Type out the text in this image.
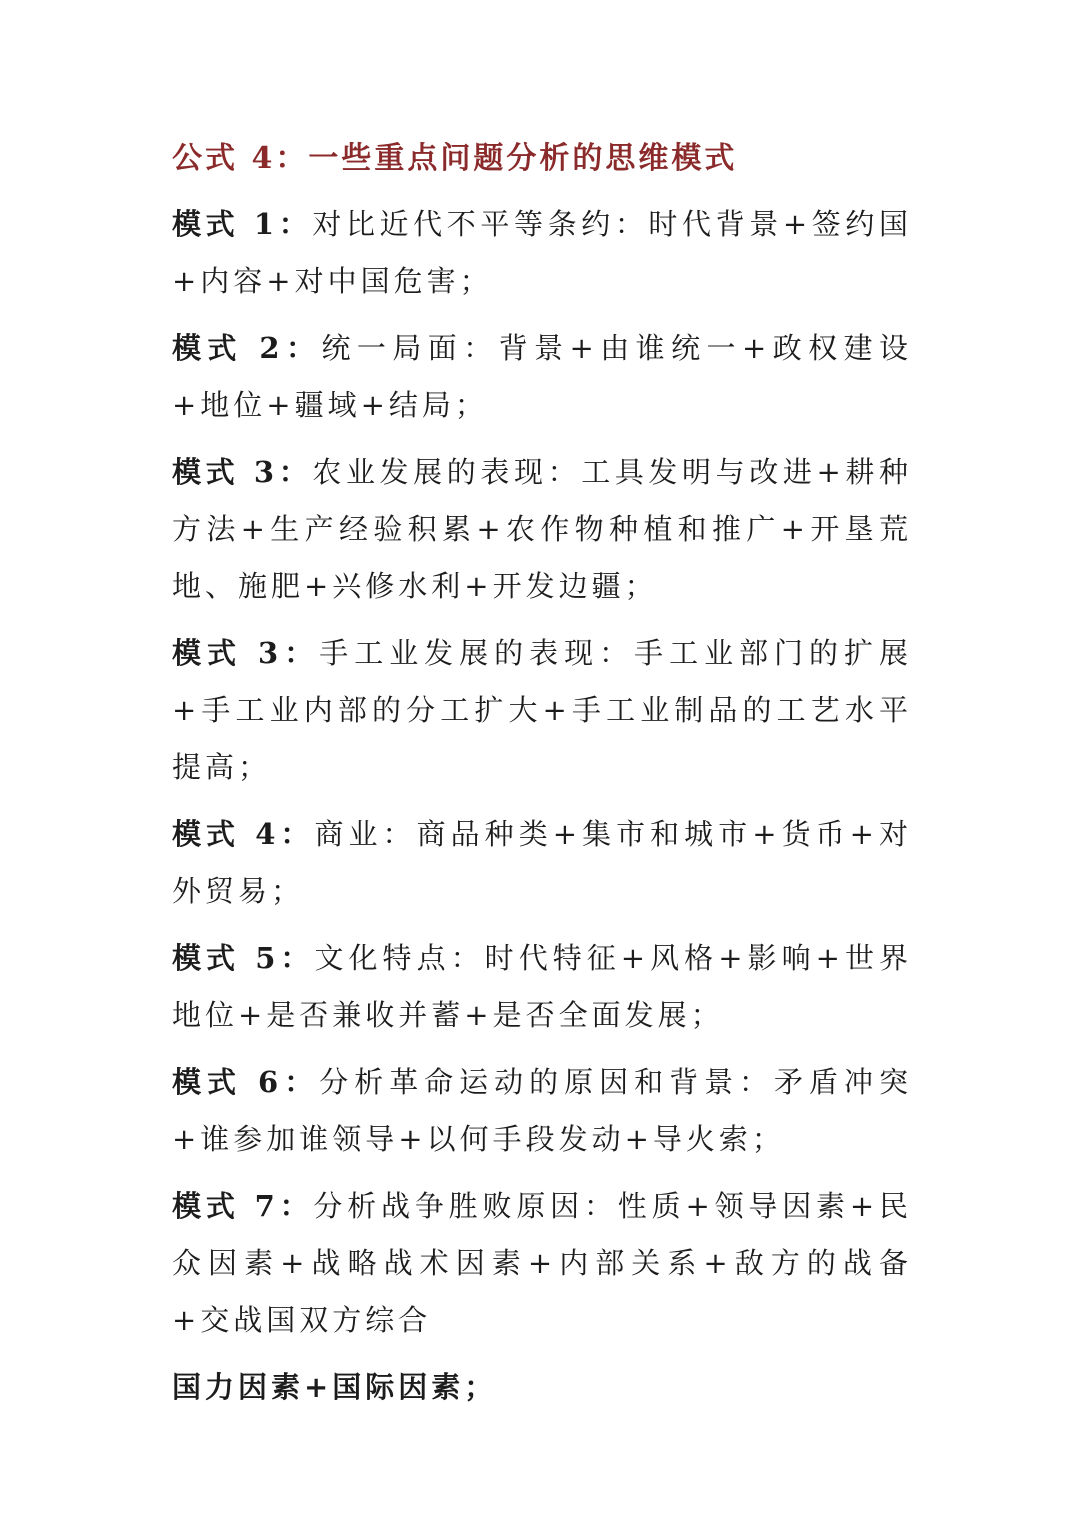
公式 4：一些重点问题分析的思维模式

模式 1：对比近代不平等条约：时代背景+签约国+内容+对中国危害；

模式 2：统一局面：背景+由谁统一+政权建设+地位+疆域+结局；

模式 3：农业发展的表现：工具发明与改进+耕种方法+生产经验积累+农作物种植和推广+开垦荒地、施肥+兴修水利+开发边疆；

模式 3：手工业发展的表现：手工业部门的扩展+手工业内部的分工扩大+手工业制品的工艺水平提高；

模式 4：商业：商品种类+集市和城市+货币+对外贸易；

模式 5：文化特点：时代特征+风格+影响+世界地位+是否兼收并蓄+是否全面发展；

模式 6：分析革命运动的原因和背景：矛盾冲突+谁参加谁领导+以何手段发动+导火索；

模式 7：分析战争胜败原因：性质+领导因素+民众因素+战略战术因素+内部关系+敌方的战备+交战国双方综合

国力因素+国际因素；
